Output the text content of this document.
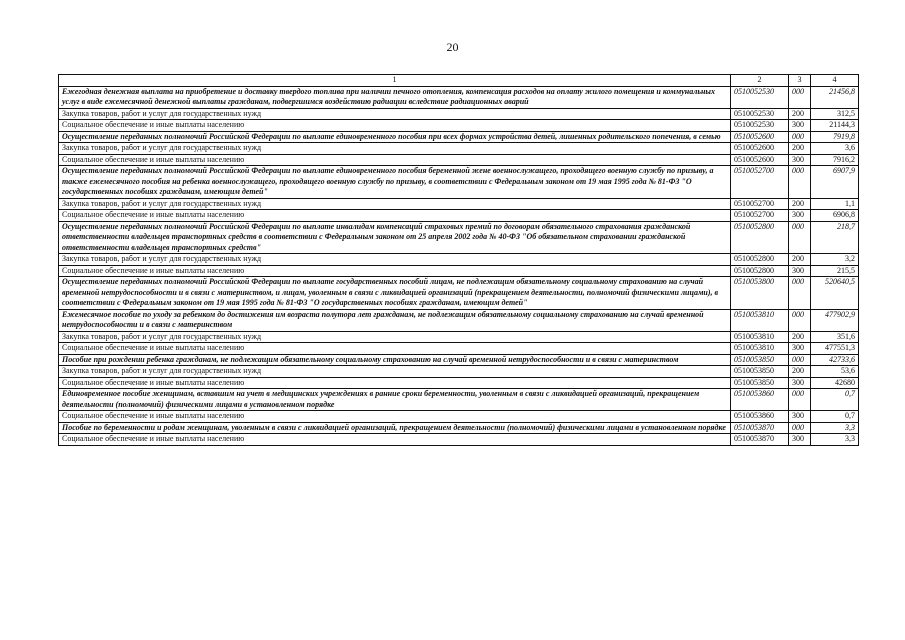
20
1	2	3	4
Ежегодная денежная выплата на приобретение и доставку твердого топлива при наличии печного отопления, компенсация расходов на оплату жилого помещения и коммунальных услуг в виде ежемесячной денежной выплаты гражданам, подвергшимся воздействию радиации вследствие радиационных аварий	0510052530	000	21456,8
Закупка товаров, работ и услуг для государственных нужд	0510052530	200	312,5
Социальное обеспечение и иные выплаты населению	0510052530	300	21144,3
Осуществление переданных полномочий Российской Федерации по выплате единовременного пособия при всех формах устройства детей, лишенных родительского попечения, в семью	0510052600	000	7919,8
Закупка товаров, работ и услуг для государственных нужд	0510052600	200	3,6
Социальное обеспечение и иные выплаты населению	0510052600	300	7916,2
Осуществление переданных полномочий Российской Федерации по выплате единовременного пособия беременной жене военнослужащего, проходящего военную службу по призыву, а также ежемесячного пособия на ребенка военнослужащего, проходящего военную службу по призыву, в соответствии с Федеральным законом от 19 мая 1995 года № 81-ФЗ "О государственных пособиях гражданам, имеющим детей"	0510052700	000	6907,9
Закупка товаров, работ и услуг для государственных нужд	0510052700	200	1,1
Социальное обеспечение и иные выплаты населению	0510052700	300	6906,8
Осуществление переданных полномочий Российской Федерации по выплате инвалидам компенсаций страховых премий по договорам обязательного страхования гражданской ответственности владельцев транспортных средств в соответствии с Федеральным законом от 25 апреля 2002 года № 40-ФЗ "Об обязательном страховании гражданской ответственности владельцев транспортных средств"	0510052800	000	218,7
Закупка товаров, работ и услуг для государственных нужд	0510052800	200	3,2
Социальное обеспечение и иные выплаты населению	0510052800	300	215,5
Осуществление переданных полномочий Российской Федерации по выплате государственных пособий лицам, не подлежащим обязательному социальному страхованию на случай временной нетрудоспособности и в связи с материнством, и лицам, уволенным в связи с ликвидацией организаций (прекращением деятельности, полномочий физическими лицами), в соответствии с Федеральным законом от 19 мая 1995 года № 81-ФЗ "О государственных пособиях гражданам, имеющим детей"	0510053800	000	520640,5
Ежемесячное пособие по уходу за ребенком до достижения им возраста полутора лет гражданам, не подлежащим обязательному социальному страхованию на случай временной нетрудоспособности и в связи с материнством	0510053810	000	477902,9
Закупка товаров, работ и услуг для государственных нужд	0510053810	200	351,6
Социальное обеспечение и иные выплаты населению	0510053810	300	477551,3
Пособие при рождении ребенка гражданам, не подлежащим обязательному социальному страхованию на случай временной нетрудоспособности и в связи с материнством	0510053850	000	42733,6
Закупка товаров, работ и услуг для государственных нужд	0510053850	200	53,6
Социальное обеспечение и иные выплаты населению	0510053850	300	42680
Единовременное пособие женщинам, вставшим на учет в медицинских учреждениях в ранние сроки беременности, уволенным в связи с ликвидацией организаций, прекращением деятельности (полномочий) физическими лицами в установленном порядке	0510053860	000	0,7
Социальное обеспечение и иные выплаты населению	0510053860	300	0,7
Пособие по беременности и родам женщинам, уволенным в связи с ликвидацией организаций, прекращением деятельности (полномочий) физическими лицами в установленном порядке	0510053870	000	3,3
Социальное обеспечение и иные выплаты населению	0510053870	300	3,3
